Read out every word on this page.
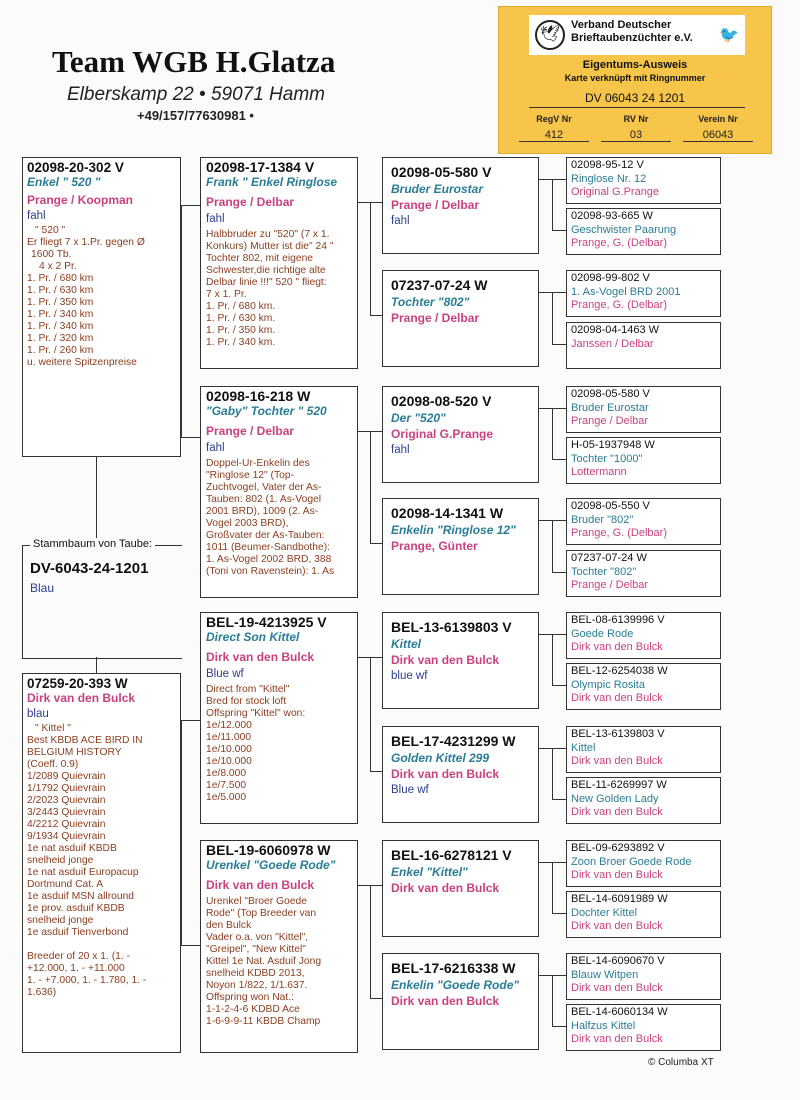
Team WGB H.Glatza
Elberskamp 22 • 59071 Hamm
+49/157/77630981 •
🕊
Verband Deutscher
Brieftaubenzüchter e.V. 🐦
Eigentums-Ausweis
Karte verknüpft mit Ringnummer
DV 06043 24 1201
RegV Nr	RV Nr	Verein Nr
412	03	06043
02098-20-302 V
Enkel " 520 "
Prange / Koopman
fahl
" 520 "
Er fliegt 7 x 1.Pr. gegen Ø
1600 Tb.
4 x 2 Pr.
1. Pr. / 680 km
1. Pr. / 630 km
1. Pr. / 350 km
1. Pr. / 340 km
1. Pr. / 340 km
1. Pr. / 320 km
1. Pr. / 260 km
u. weitere Spitzenpreise
Stammbaum von Taube:
DV-6043-24-1201
Blau
07259-20-393 W
Dirk van den Bulck
blau
" Kittel "
Best KBDB ACE BIRD IN
BELGIUM HISTORY
(Coeff. 0.9)
1/2089 Quievrain
1/1792 Quievrain
2/2023 Quievrain
3/2443 Quievrain
4/2212 Quievrain
9/1934 Quievrain
1e nat asduif KBDB
snelheid jonge
1e nat asduif Europacup
Dortmund Cat. A
1e asduif MSN allround
1e prov. asduif KBDB
snelheid jonge
1e asduif Tienverbond
Breeder of 20 x 1. (1. -
+12.000, 1. - +11.000
1. - +7.000, 1. - 1.780, 1. -
1.636)
02098-17-1384 V
Frank " Enkel Ringlose
Prange / Delbar
fahl
Halbbruder zu "520" (7 x 1.
Konkurs) Mutter ist die" 24 "
Tochter 802, mit eigene
Schwester,die richtige alte
Delbar linie !!!" 520 " fliegt:
7 x 1. Pr.
1. Pr. / 680 km.
1. Pr. / 630 km.
1. Pr. / 350 km.
1. Pr. / 340 km.
02098-16-218 W
"Gaby" Tochter " 520
Prange / Delbar
fahl
Doppel-Ur-Enkelin des
"Ringlose 12" (Top-
Zuchtvogel, Vater der As-
Tauben: 802 (1. As-Vogel
2001 BRD), 1009 (2. As-
Vogel 2003 BRD),
Großvater der As-Tauben:
1011 (Beumer-Sandbothe):
1. As-Vogel 2002 BRD, 388
(Toni von Ravenstein): 1. As
BEL-19-4213925 V
Direct Son Kittel
Dirk van den Bulck
Blue wf
Direct from "Kittel"
Bred for stock loft
Offspring "Kittel" won:
1e/12.000
1e/11.000
1e/10.000
1e/10.000
1e/8.000
1e/7.500
1e/5.000
BEL-19-6060978 W
Urenkel "Goede Rode"
Dirk van den Bulck
Urenkel "Broer Goede
Rode" (Top Breeder van
den Bulck
Vader o.a. von "Kittel",
"Greipel", "New Kittel"
Kittel 1e Nat. Asduif Jong
snelheid KDBD 2013,
Noyon 1/822, 1/1.637.
Offspring won Nat.:
1-1-2-4-6 KDBD Ace
1-6-9-9-11 KBDB Champ
02098-05-580 V
Bruder Eurostar
Prange / Delbar
fahl
07237-07-24 W
Tochter "802"
Prange / Delbar
02098-08-520 V
Der "520"
Original G.Prange
fahl
02098-14-1341 W
Enkelin "Ringlose 12"
Prange, Günter
BEL-13-6139803 V
Kittel
Dirk van den Bulck
blue wf
BEL-17-4231299 W
Golden Kittel 299
Dirk van den Bulck
Blue wf
BEL-16-6278121 V
Enkel "Kittel"
Dirk van den Bulck
BEL-17-6216338 W
Enkelin "Goede Rode"
Dirk van den Bulck
02098-95-12 V
Ringlose Nr. 12
Original G.Prange
02098-93-665 W
Geschwister Paarung
Prange, G. (Delbar)
02098-99-802 V
1. As-Vogel BRD 2001
Prange, G. (Delbar)
02098-04-1463 W
Janssen / Delbar
02098-05-580 V
Bruder Eurostar
Prange / Delbar
H-05-1937948 W
Tochter "1000"
Lottermann
02098-05-550 V
Bruder "802"
Prange, G. (Delbar)
07237-07-24 W
Tochter "802"
Prange / Delbar
BEL-08-6139996 V
Goede Rode
Dirk van den Bulck
BEL-12-6254038 W
Olympic Rosita
Dirk van den Bulck
BEL-13-6139803 V
Kittel
Dirk van den Bulck
BEL-11-6269997 W
New Golden Lady
Dirk van den Bulck
BEL-09-6293892 V
Zoon Broer Goede Rode
Dirk van den Bulck
BEL-14-6091989 W
Dochter Kittel
Dirk van den Bulck
BEL-14-6090670 V
Blauw Witpen
Dirk van den Bulck
BEL-14-6060134 W
Halfzus Kittel
Dirk van den Bulck
© Columba XT
